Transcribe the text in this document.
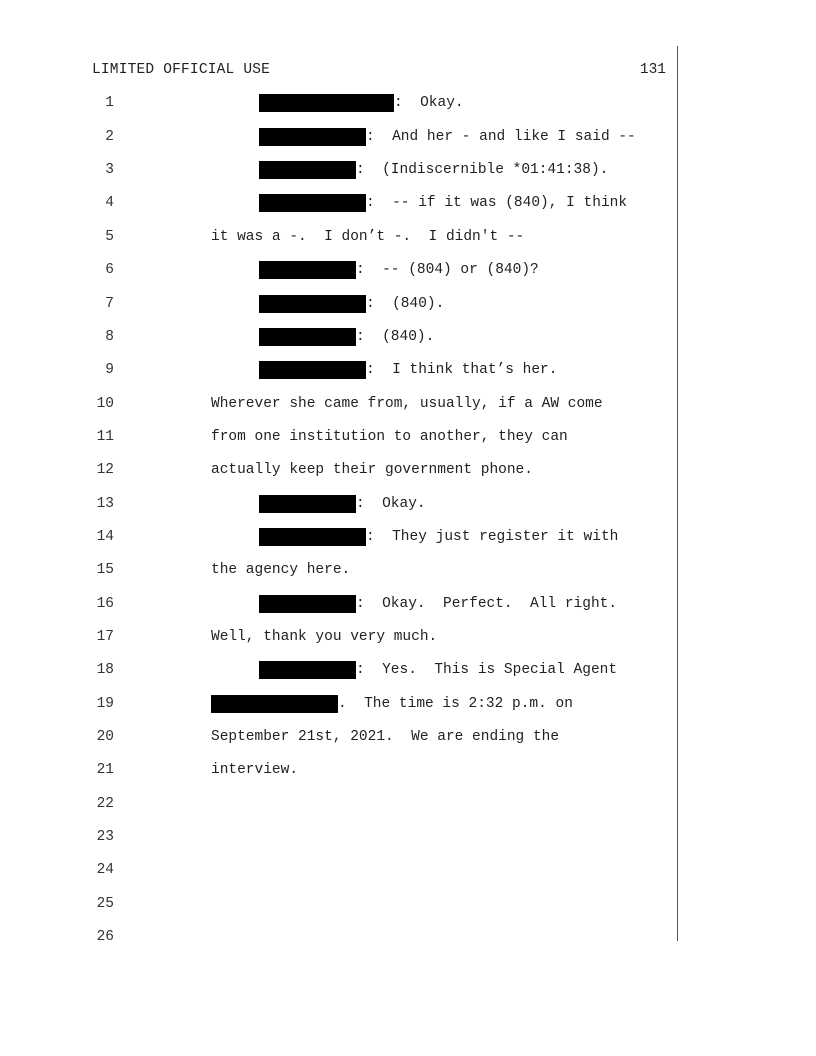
LIMITED OFFICIAL USE	131
1	:  Okay.
2	:  And her - and like I said --
3	:  (Indiscernible *01:41:38).
4	:  -- if it was (840), I think
5	it was a -.  I don’t -.  I didn't --
6	:  -- (804) or (840)?
7	:  (840).
8	:  (840).
9	:  I think that’s her.
10	Wherever she came from, usually, if a AW come
11	from one institution to another, they can
12	actually keep their government phone.
13	:  Okay.
14	:  They just register it with
15	the agency here.
16	:  Okay.  Perfect.  All right.
17	Well, thank you very much.
18	:  Yes.  This is Special Agent
19	.  The time is 2:32 p.m. on
20	September 21st, 2021.  We are ending the
21	interview.
22
23
24
25
26
